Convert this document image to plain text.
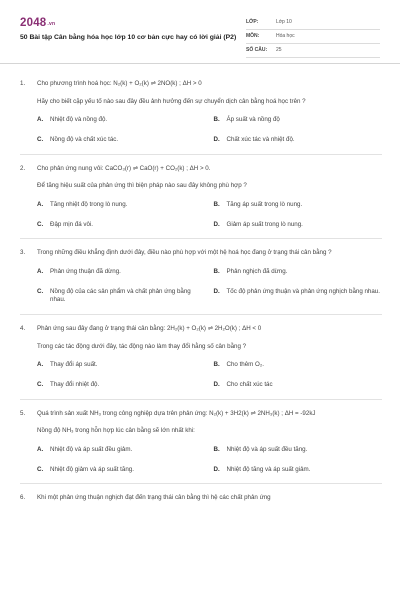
2048.vn
50 Bài tập Cân bằng hóa học lớp 10 cơ bản cực hay có lời giải (P2)
LỚP:	Lớp 10
MÔN:	Hóa học
SỐ CÂU:	25
1.	Cho phương trình hoá học: N₂(k) + O₂(k) ⇌ 2NO(k) ; ΔH > 0
Hãy cho biết cặp yếu tố nào sau đây đều ảnh hưởng đến sự chuyển dịch cân bằng hoá học trên ?
A.	Nhiệt độ và nồng độ.	B.	Áp suất và nồng độ
C.	Nồng độ và chất xúc tác.	D.	Chất xúc tác và nhiệt độ.
2.	Cho phản ứng nung vôi: CaCO₃(r) ⇌ CaO(r) + CO₂(k) ; ΔH > 0.
Để tăng hiệu suất của phản ứng thì biện pháp nào sau đây không phù hợp ?
A.	Tăng nhiệt độ trong lò nung.	B.	Tăng áp suất trong lò nung.
C.	Đập mịn đá vôi.	D.	Giảm áp suất trong lò nung.
3.	Trong những điều khẳng định dưới đây, điều nào phù hợp với một hệ hoá học đang ở trạng thái cân bằng ?
A.	Phản ứng thuận đã dừng.	B.	Phản nghịch đã dừng.
C.	Nồng độ của các sản phẩm và chất phản ứng bằng nhau.
D.	Tốc độ phản ứng thuận và phản ứng nghịch bằng nhau.
4.	Phản ứng sau đây đang ở trạng thái cân bằng: 2H₂(k) + O₂(k) ⇌ 2H₂O(k) ; ΔH < 0
Trong các tác động dưới đây, tác động nào làm thay đổi hằng số cân bằng ?
A.	Thay đổi áp suất.	B.	Cho thêm O₂.
C.	Thay đổi nhiệt độ.	D.	Cho chất xúc tác
5.	Quá trình sản xuất NH₃ trong công nghiệp dựa trên phản ứng: N₂(k) + 3H2(k) ⇌ 2NH₃(k) ; ΔH = -92kJ
Nồng độ NH₃ trong hỗn hợp lúc cân bằng sẽ lớn nhất khi:
A.	Nhiệt độ và áp suất đều giảm.	B.	Nhiệt độ và áp suất đều tăng.
C.	Nhiệt độ giảm và áp suất tăng.	D.	Nhiệt độ tăng và áp suất giảm.
6.	Khi một phản ứng thuận nghịch đạt đến trạng thái cân bằng thì hệ các chất phản ứng
